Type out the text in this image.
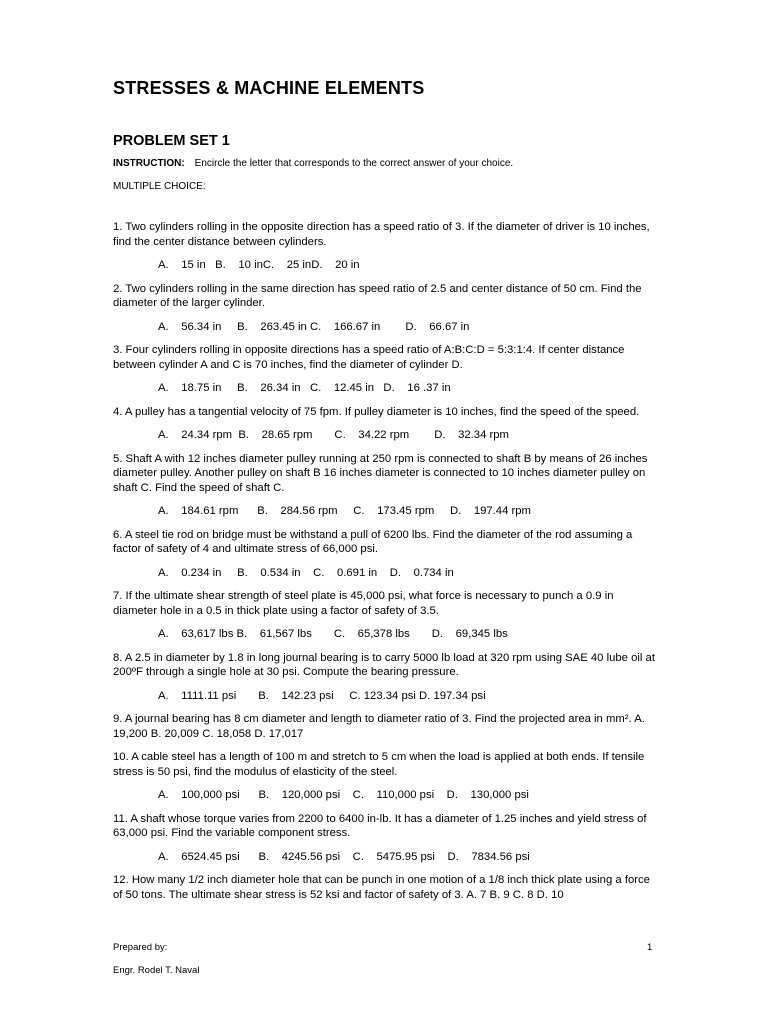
STRESSES & MACHINE ELEMENTS
PROBLEM SET 1

INSTRUCTION: Encircle the letter that corresponds to the correct answer of your choice.

MULTIPLE CHOICE:

1. Two cylinders rolling in the opposite direction has a speed ratio of 3. If the diameter of driver is 10 inches, find the center distance between cylinders.

A.    15 in   B.    10 inC.    25 inD.    20 in

2. Two cylinders rolling in the same direction has speed ratio of 2.5 and center distance of 50 cm. Find the diameter of the larger cylinder.

A.    56.34 in     B.    263.45 in C.    166.67 in        D.    66.67 in

3. Four cylinders rolling in opposite directions has a speed ratio of A:B:C:D = 5:3:1:4. If center distance between cylinder A and C is 70 inches, find the diameter of cylinder D.

A.    18.75 in     B.    26.34 in   C.    12.45 in   D.    16 .37 in

4. A pulley has a tangential velocity of 75 fpm. If pulley diameter is 10 inches, find the speed of the speed.

A.    24.34 rpm  B.    28.65 rpm       C.    34.22 rpm        D.    32.34 rpm

5. Shaft A with 12 inches diameter pulley running at 250 rpm is connected to shaft B by means of 26 inches diameter pulley. Another pulley on shaft B 16 inches diameter is connected to 10 inches diameter pulley on shaft C. Find the speed of shaft C.

A.    184.61 rpm      B.    284.56 rpm     C.    173.45 rpm     D.    197.44 rpm

6. A steel tie rod on bridge must be withstand a pull of 6200 lbs. Find the diameter of the rod assuming a factor of safety of 4 and ultimate stress of 66,000 psi.

A.    0.234 in     B.    0.534 in    C.    0.691 in    D.    0.734 in

7. If the ultimate shear strength of steel plate is 45,000 psi, what force is necessary to punch a 0.9 in diameter hole in a 0.5 in thick plate using a factor of safety of 3.5.

A.    63,617 lbs B.    61,567 lbs       C.    65,378 lbs       D.    69,345 lbs

8. A 2.5 in diameter by 1.8 in long journal bearing is to carry 5000 lb load at 320 rpm using SAE 40 lube oil at 200ºF through a single hole at 30 psi. Compute the bearing pressure.

A.    1111.11 psi       B.    142.23 psi     C. 123.34 psi D. 197.34 psi

9. A journal bearing has 8 cm diameter and length to diameter ratio of 3. Find the projected area in mm². A. 19,200 B. 20,009 C. 18,058 D. 17,017

10. A cable steel has a length of 100 m and stretch to 5 cm when the load is applied at both ends. If tensile stress is 50 psi, find the modulus of elasticity of the steel.

A.    100,000 psi      B.    120,000 psi    C.    110,000 psi    D.    130,000 psi

11. A shaft whose torque varies from 2200 to 6400 in-lb. It has a diameter of 1.25 inches and yield stress of 63,000 psi. Find the variable component stress.

A.    6524.45 psi      B.    4245.56 psi    C.    5475.95 psi    D.    7834.56 psi

12. How many 1/2 inch diameter hole that can be punch in one motion of a 1/8 inch thick plate using a force of 50 tons. The ultimate shear stress is 52 ksi and factor of safety of 3. A. 7 B. 9 C. 8 D. 10

Prepared by:	1

Engr. Rodel T. Naval
